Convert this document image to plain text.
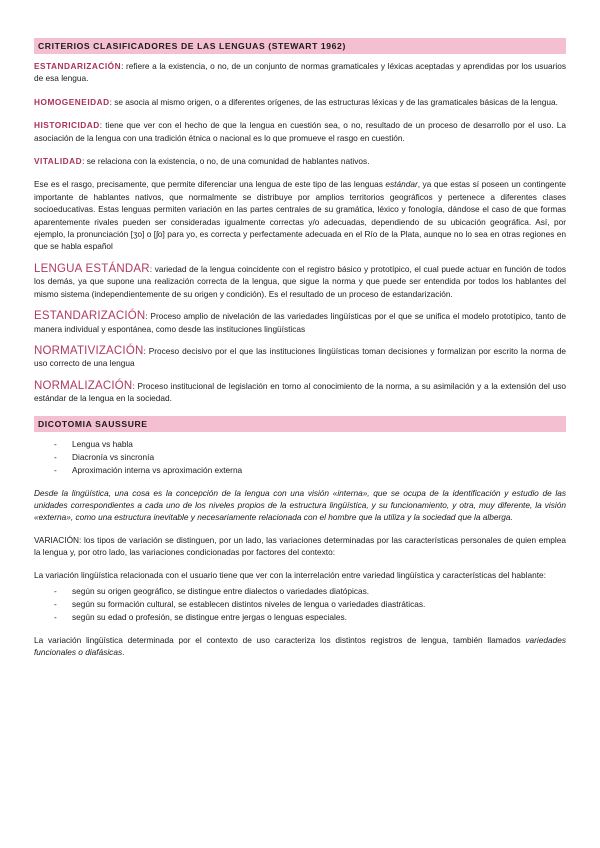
CRITERIOS CLASIFICADORES DE LAS LENGUAS (STEWART 1962)

ESTANDARIZACIÓN: refiere a la existencia, o no, de un conjunto de normas gramaticales y léxicas aceptadas y aprendidas por los usuarios de esa lengua.

HOMOGENEIDAD: se asocia al mismo origen, o a diferentes orígenes, de las estructuras léxicas y de las gramaticales básicas de la lengua.

HISTORICIDAD: tiene que ver con el hecho de que la lengua en cuestión sea, o no, resultado de un proceso de desarrollo por el uso. La asociación de la lengua con una tradición étnica o nacional es lo que promueve el rasgo en cuestión.

VITALIDAD: se relaciona con la existencia, o no, de una comunidad de hablantes nativos.

Ese es el rasgo, precisamente, que permite diferenciar una lengua de este tipo de las lenguas estándar, ya que estas sí poseen un contingente importante de hablantes nativos, que normalmente se distribuye por amplios territorios geográficos y pertenece a diferentes clases socioeducativas. Estas lenguas permiten variación en las partes centrales de su gramática, léxico y fonología, dándose el caso de que formas aparentemente rivales pueden ser consideradas igualmente correctas y/o adecuadas, dependiendo de su ubicación geográfica. Así, por ejemplo, la pronunciación [ʒo] o [ʃo] para yo, es correcta y perfectamente adecuada en el Río de la Plata, aunque no lo sea en otras regiones en que se habla español

LENGUA ESTÁNDAR: variedad de la lengua coincidente con el registro básico y prototípico, el cual puede actuar en función de todos los demás, ya que supone una realización correcta de la lengua, que sigue la norma y que puede ser entendida por todos los hablantes del mismo sistema (independientemente de su origen y condición). Es el resultado de un proceso de estandarización.

ESTANDARIZACIÓN: Proceso amplio de nivelación de las variedades lingüísticas por el que se unifica el modelo prototípico, tanto de manera individual y espontánea, como desde las instituciones lingüísticas

NORMATIVIZACIÓN: Proceso decisivo por el que las instituciones lingüísticas toman decisiones y formalizan por escrito la norma de uso correcto de una lengua

NORMALIZACIÓN: Proceso institucional de legislación en torno al conocimiento de la norma, a su asimilación y a la extensión del uso estándar de la lengua en la sociedad.

DICOTOMIA SAUSSURE
- Lengua vs habla
- Diacronía vs sincronía
- Aproximación interna vs aproximación externa

Desde la lingüística, una cosa es la concepción de la lengua con una visión «interna», que se ocupa de la identificación y estudio de las unidades correspondientes a cada uno de los niveles propios de la estructura lingüística, y su funcionamiento, y otra, muy diferente, la visión «externa», como una estructura inevitable y necesariamente relacionada con el hombre que la utiliza y la sociedad que la alberga.

VARIACIÓN: los tipos de variación se distinguen, por un lado, las variaciones determinadas por las características personales de quien emplea la lengua y, por otro lado, las variaciones condicionadas por factores del contexto:

La variación lingüística relacionada con el usuario tiene que ver con la interrelación entre variedad lingüística y características del hablante:

- según su origen geográfico, se distingue entre dialectos o variedades diatópicas.
- según su formación cultural, se establecen distintos niveles de lengua o variedades diastráticas.
- según su edad o profesión, se distingue entre jergas o lenguas especiales.

La variación lingüística determinada por el contexto de uso caracteriza los distintos registros de lengua, también llamados variedades funcionales o diafásicas.
